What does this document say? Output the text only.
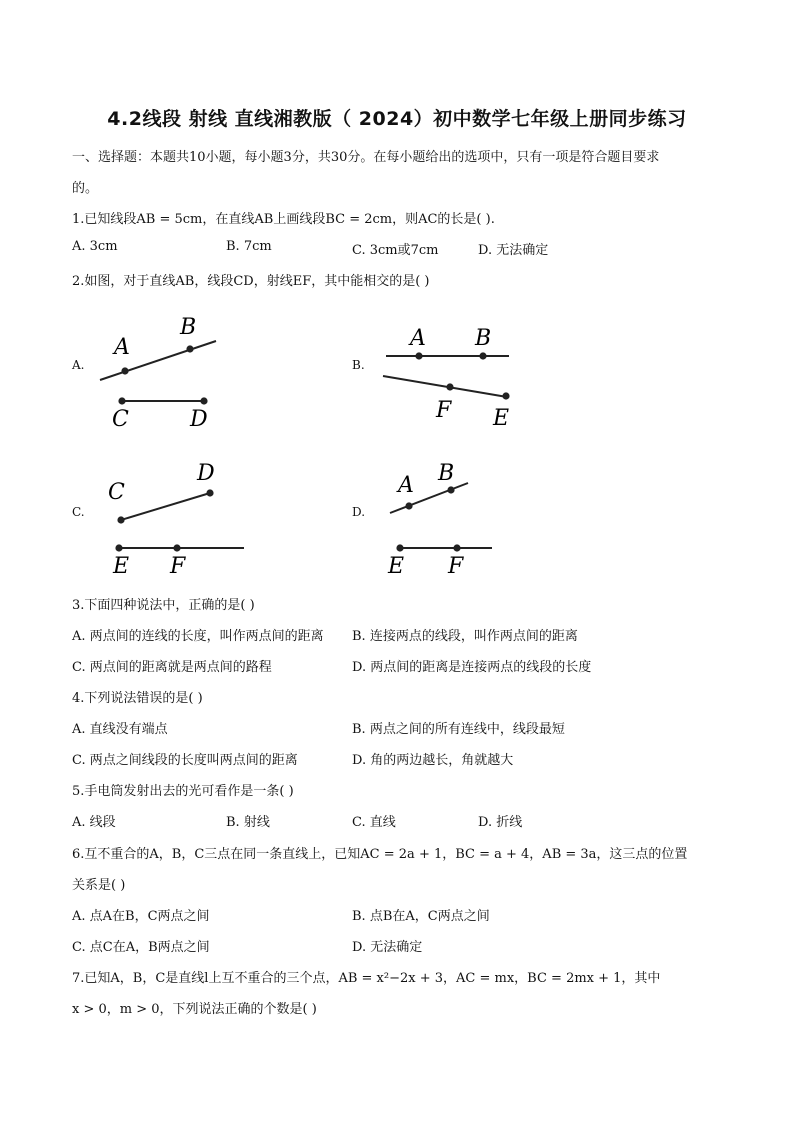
4.2线段 射线 直线湘教版（ 2024）初中数学七年级上册同步练习
一、选择题：本题共10小题，每小题3分，共30分。在每小题给出的选项中，只有一项是符合题目要求
的。
1.已知线段AB = 5cm，在直线AB上画线段BC = 2cm，则AC的长是( ).
A. 3cm	B. 7cm	C. 3cm或7cm	D. 无法确定
2.如图，对于直线AB，线段CD，射线EF，其中能相交的是( )
A.
A
B
C	D
B.
A B
F E
C.
C
D
E F
D.
A B
E F
3.下面四种说法中，正确的是( )
A. 两点间的连线的长度，叫作两点间的距离 B. 连接两点的线段，叫作两点间的距离
C. 两点间的距离就是两点间的路程	D. 两点间的距离是连接两点的线段的长度
4.下列说法错误的是( )
A. 直线没有端点	B. 两点之间的所有连线中，线段最短
C. 两点之间线段的长度叫两点间的距离	D. 角的两边越长，角就越大
5.手电筒发射出去的光可看作是一条( )
A. 线段	B. 射线	C. 直线	D. 折线
6.互不重合的A，B，C三点在同一条直线上，已知AC = 2a + 1，BC = a + 4，AB = 3a，这三点的位置
关系是( )
A. 点A在B，C两点之间	B. 点B在A，C两点之间
C. 点C在A，B两点之间	D. 无法确定
7.已知A，B，C是直线l上互不重合的三个点，AB = x²−2x + 3，AC = mx，BC = 2mx + 1，其中
x > 0，m > 0，下列说法正确的个数是( )
